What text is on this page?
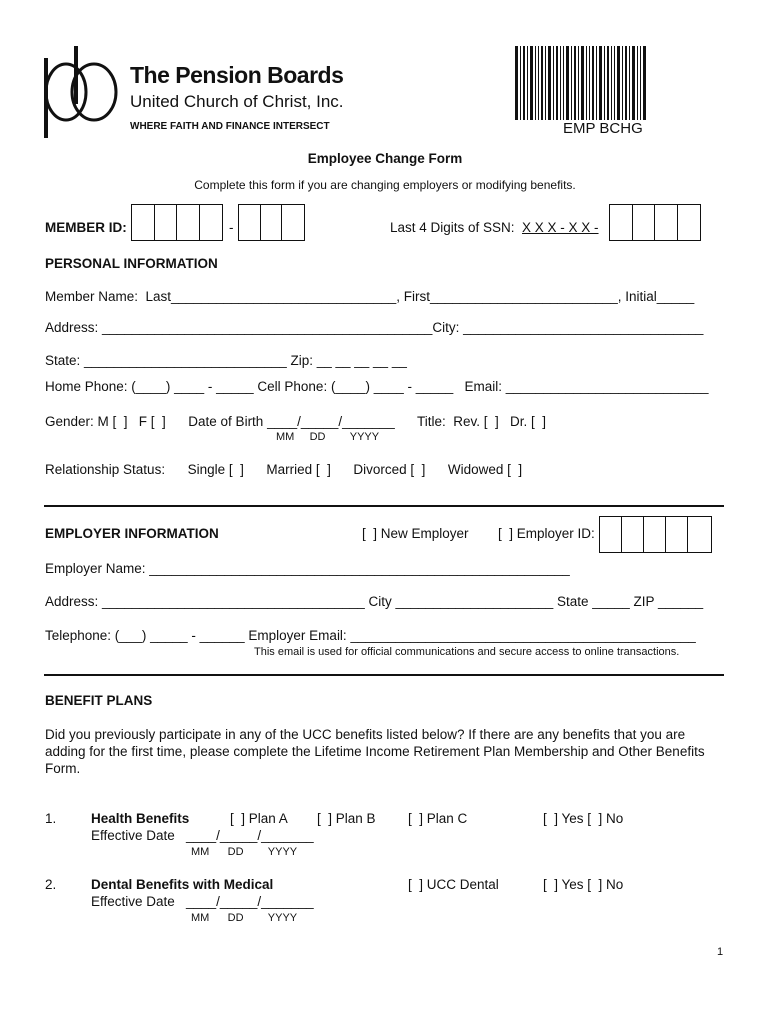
The Pension Boards
United Church of Christ, Inc.
WHERE FAITH AND FINANCE INTERSECT	EMP BCHG
Employee Change Form
Complete this form if you are changing employers or modifying benefits.
MEMBER ID:	-	Last 4 Digits of SSN: X X X - X X -
PERSONAL INFORMATION
Member Name:  Last______________________________, First_________________________, Initial_____
Address: ____________________________________________City: ________________________________
State: ___________________________ Zip: __ __ __ __ __
Home Phone: (____) ____ - _____ Cell Phone: (____) ____ - _____   Email: ___________________________
Gender: M [  ]   F [  ]      Date of Birth ____/_____/_______      Title:  Rev. [  ]   Dr. [  ]
MM     DD        YYYY
Relationship Status:      Single [  ]      Married [  ]      Divorced [  ]      Widowed [  ]
EMPLOYER INFORMATION	[  ] New Employer [  ] Employer ID:
Employer Name: ________________________________________________________
Address: ___________________________________ City _____________________ State _____ ZIP ______
Telephone: (___) _____ - ______ Employer Email: ______________________________________________
This email is used for official communications and secure access to online transactions.
BENEFIT PLANS
Did you previously participate in any of the UCC benefits listed below? If there are any benefits that you are
adding for the first time, please complete the Lifetime Income Retirement Plan Membership and Other Benefits
Form.
1.	Health Benefits	[  ] Plan A [  ] Plan B [  ] Plan C	[  ] Yes [  ] No
Effective Date   ____/_____/_______
MM      DD        YYYY
2.	Dental Benefits with Medical	[  ] UCC Dental	[  ] Yes [  ] No
Effective Date   ____/_____/_______
MM      DD        YYYY
1
